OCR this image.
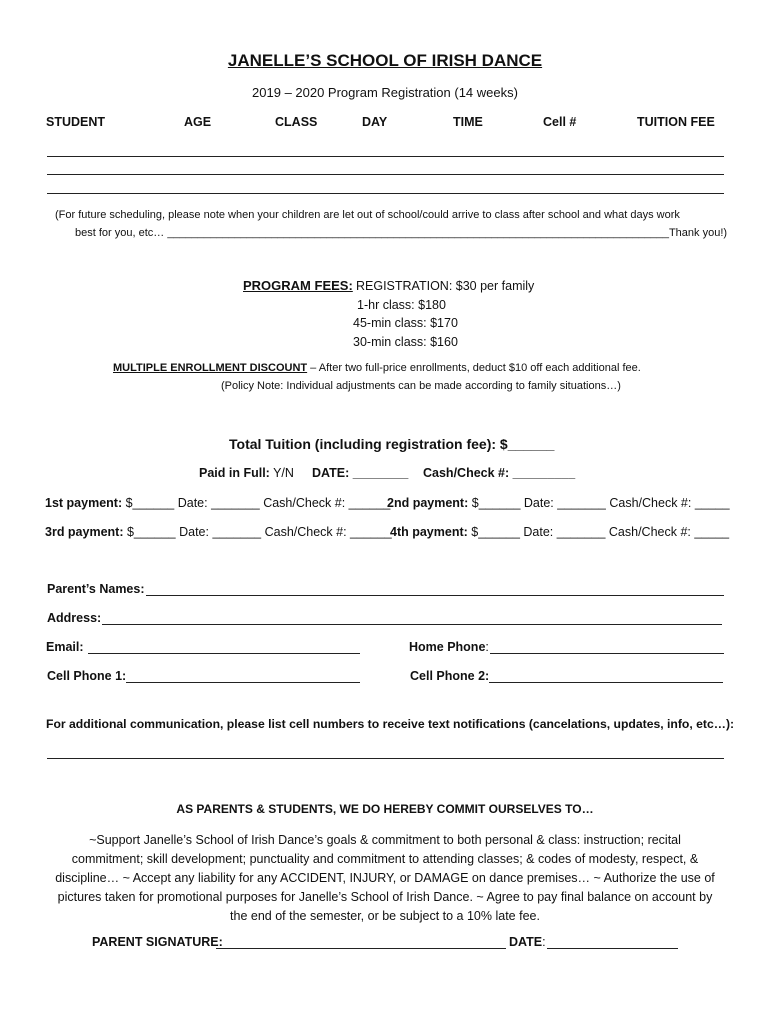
JANELLE’S SCHOOL OF IRISH DANCE
2019 – 2020 Program Registration (14 weeks)
STUDENT	AGE	CLASS	DAY	TIME	Cell #	TUITION FEE
(For future scheduling, please note when your children are let out of school/could arrive to class after school and what days work
best for you, etc… __________________________________________________________________________________Thank you!)
PROGRAM FEES: REGISTRATION: $30 per family
1-hr class: $180
45-min class: $170
30-min class: $160
MULTIPLE ENROLLMENT DISCOUNT – After two full-price enrollments, deduct $10 off each additional fee.
(Policy Note: Individual adjustments can be made according to family situations…)
Total Tuition (including registration fee): $______
Paid in Full: Y/N DATE: ________ Cash/Check #: _________
1st payment: $______ Date: _______ Cash/Check #: ______
2nd payment: $______ Date: _______ Cash/Check #: _____
3rd payment: $______ Date: _______ Cash/Check #: ______
4th payment: $______ Date: _______ Cash/Check #: _____
Parent’s Names:
Address:
Email:	Home Phone:
Cell Phone 1:	Cell Phone 2:
For additional communication, please list cell numbers to receive text notifications (cancelations, updates, info, etc…):
AS PARENTS & STUDENTS, WE DO HEREBY COMMIT OURSELVES TO…
~Support Janelle’s School of Irish Dance’s goals & commitment to both personal & class: instruction; recital
commitment; skill development; punctuality and commitment to attending classes; & codes of modesty, respect, &
discipline… ~ Accept any liability for any ACCIDENT, INJURY, or DAMAGE on dance premises… ~ Authorize the use of
pictures taken for promotional purposes for Janelle’s School of Irish Dance. ~ Agree to pay final balance on account by
the end of the semester, or be subject to a 10% late fee.
PARENT SIGNATURE:	DATE:
